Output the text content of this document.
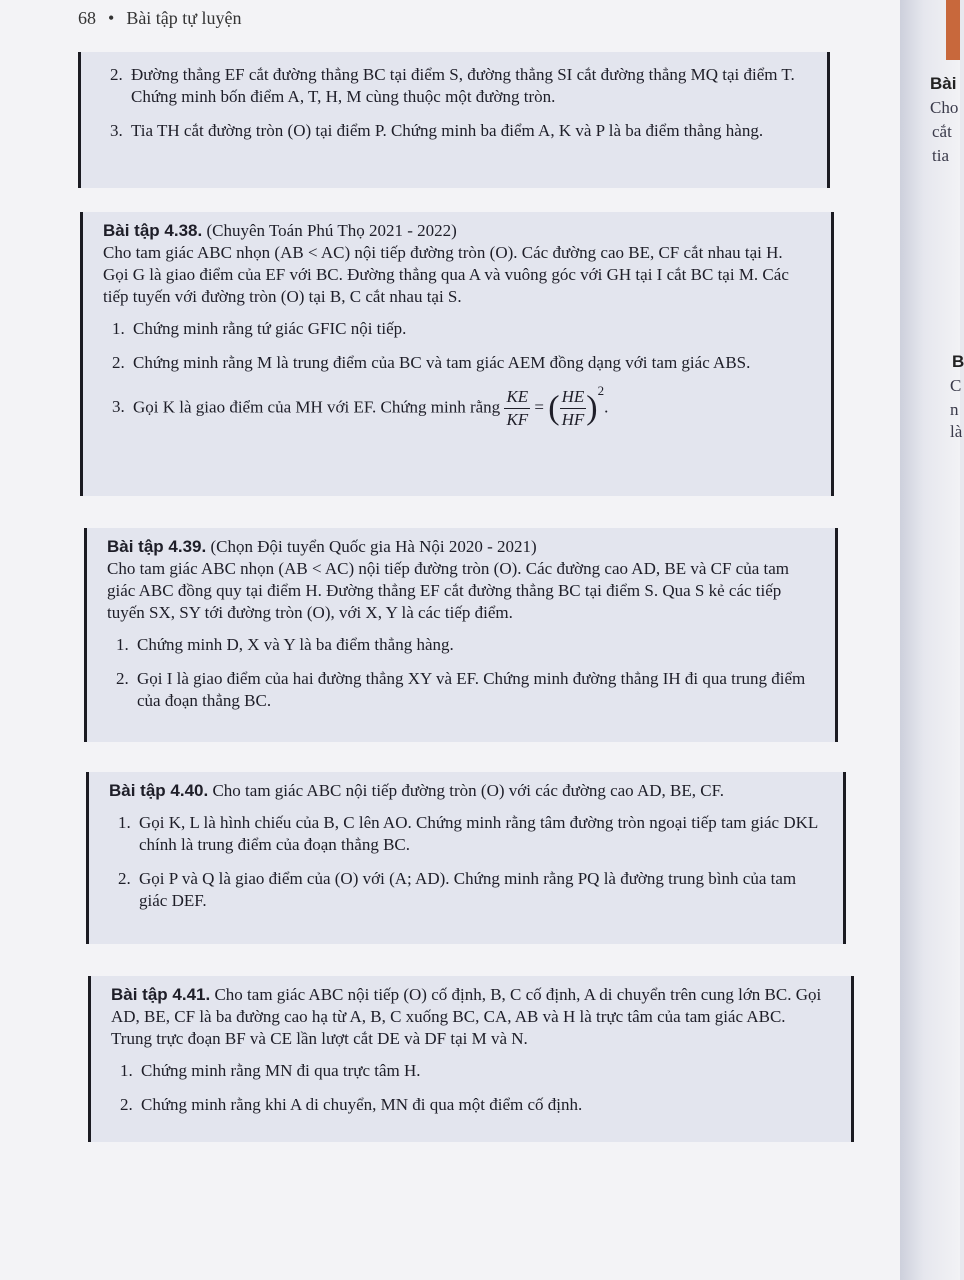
68 • Bài tập tự luyện
2. Đường thẳng EF cắt đường thẳng BC tại điểm S, đường thẳng SI cắt đường thẳng MQ tại điểm T. Chứng minh bốn điểm A, T, H, M cùng thuộc một đường tròn.
3. Tia TH cắt đường tròn (O) tại điểm P. Chứng minh ba điểm A, K và P là ba điểm thẳng hàng.
Bài tập 4.38. (Chuyên Toán Phú Thọ 2021 - 2022)

Cho tam giác ABC nhọn (AB < AC) nội tiếp đường tròn (O). Các đường cao BE, CF cắt nhau tại H. Gọi G là giao điểm của EF với BC. Đường thẳng qua A và vuông góc với GH tại I cắt BC tại M. Các tiếp tuyến với đường tròn (O) tại B, C cắt nhau tại S.

1. Chứng minh rằng tứ giác GFIC nội tiếp.
2. Chứng minh rằng M là trung điểm của BC và tam giác AEM đồng dạng với tam giác ABS.
3. Gọi K là giao điểm của MH với EF. Chứng minh rằng $\frac{KE}{KF}$ = ( $\frac{HE}{HF} )^2$.
Bài tập 4.39. (Chọn Đội tuyển Quốc gia Hà Nội 2020 - 2021)

Cho tam giác ABC nhọn (AB < AC) nội tiếp đường tròn (O). Các đường cao AD, BE và CF của tam giác ABC đồng quy tại điểm H. Đường thẳng EF cắt đường thẳng BC tại điểm S. Qua S kẻ các tiếp tuyến SX, SY tới đường tròn (O), với X, Y là các tiếp điểm.

1. Chứng minh D, X và Y là ba điểm thẳng hàng.
2. Gọi I là giao điểm của hai đường thẳng XY và EF. Chứng minh đường thẳng IH đi qua trung điểm của đoạn thẳng BC.
Bài tập 4.40. Cho tam giác ABC nội tiếp đường tròn (O) với các đường cao AD, BE, CF.
1. Gọi K, L là hình chiếu của B, C lên AO. Chứng minh rằng tâm đường tròn ngoại tiếp tam giác DKL chính là trung điểm của đoạn thẳng BC.
2. Gọi P và Q là giao điểm của (O) với (A; AD). Chứng minh rằng PQ là đường trung bình của tam giác DEF.

Bài tập 4.41. Cho tam giác ABC nội tiếp (O) cố định, B, C cố định, A di chuyển trên cung lớn BC. Gọi AD, BE, CF là ba đường cao hạ từ A, B, C xuống BC, CA, AB và H là trực tâm của tam giác ABC. Trung trực đoạn BF và CE lần lượt cắt DE và DF tại M và N.

1. Chứng minh rằng MN đi qua trực tâm H.
2. Chứng minh rằng khi A di chuyển, MN đi qua một điểm cố định.
Bài
Cho
cắt
tia
B
C
n
là
